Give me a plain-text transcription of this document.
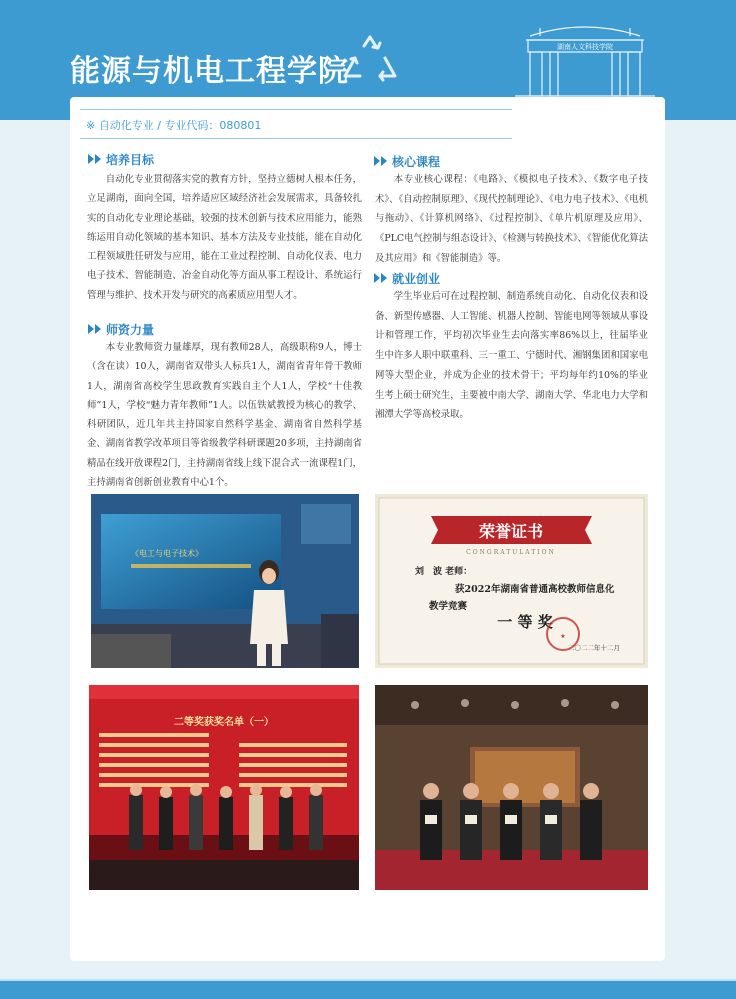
能源与机电工程学院
湖南人文科技学院
※ 自动化专业 / 专业代码：080801
培养目标
自动化专业贯彻落实党的教育方针，坚持立德树人根本任务，立足湖南，面向全国，培养适应区域经济社会发展需求，具备较扎实的自动化专业理论基础，较强的技术创新与技术应用能力，能熟练运用自动化领域的基本知识、基本方法及专业技能，能在自动化工程领域胜任研发与应用，能在工业过程控制、自动化仪表、电力电子技术、智能制造、冶金自动化等方面从事工程设计、系统运行管理与维护、技术开发与研究的高素质应用型人才。
师资力量
本专业教师资力量雄厚，现有教师28人，高级职称9人，博士（含在读）10人，湖南省双带头人标兵1人，湖南省青年骨干教师1人，湖南省高校学生思政教育实践自主个人1人，学校“十佳教师”1人，学校“魅力青年教师”1人。以伍铁斌教授为核心的教学、科研团队，近几年共主持国家自然科学基金、湖南省自然科学基金、湖南省教学改革项目等省级教学科研课题20多项，主持湖南省精品在线开放课程2门，主持湖南省线上线下混合式一流课程1门，主持湖南省创新创业教育中心1个。
核心课程
本专业核心课程：《电路》、《模拟电子技术》、《数字电子技术》、《自动控制原理》、《现代控制理论》、《电力电子技术》、《电机与拖动》、《计算机网络》、《过程控制》、《单片机原理及应用》、《PLC电气控制与组态设计》、《检测与转换技术》、《智能优化算法及其应用》和《智能制造》等。
就业创业
学生毕业后可在过程控制、制造系统自动化、自动化仪表和设备、新型传感器、人工智能、机器人控制、智能电网等领域从事设计和管理工作，平均初次毕业生去向落实率86%以上，往届毕业生中许多人职中联重科、三一重工、宁德时代、湘钢集团和国家电网等大型企业，并成为企业的技术骨干；平均每年约10%的毕业生考上硕士研究生，主要被中南大学、湖南大学、华北电力大学和湘潭大学等高校录取。
《电工与电子技术》
荣誉证书
CONGRATULATION
刘　波 老师：
获2022年湖南省普通高校教师信息化
教学竞赛
一 等 奖
★
二〇二二年十二月
二等奖获奖名单（一）
